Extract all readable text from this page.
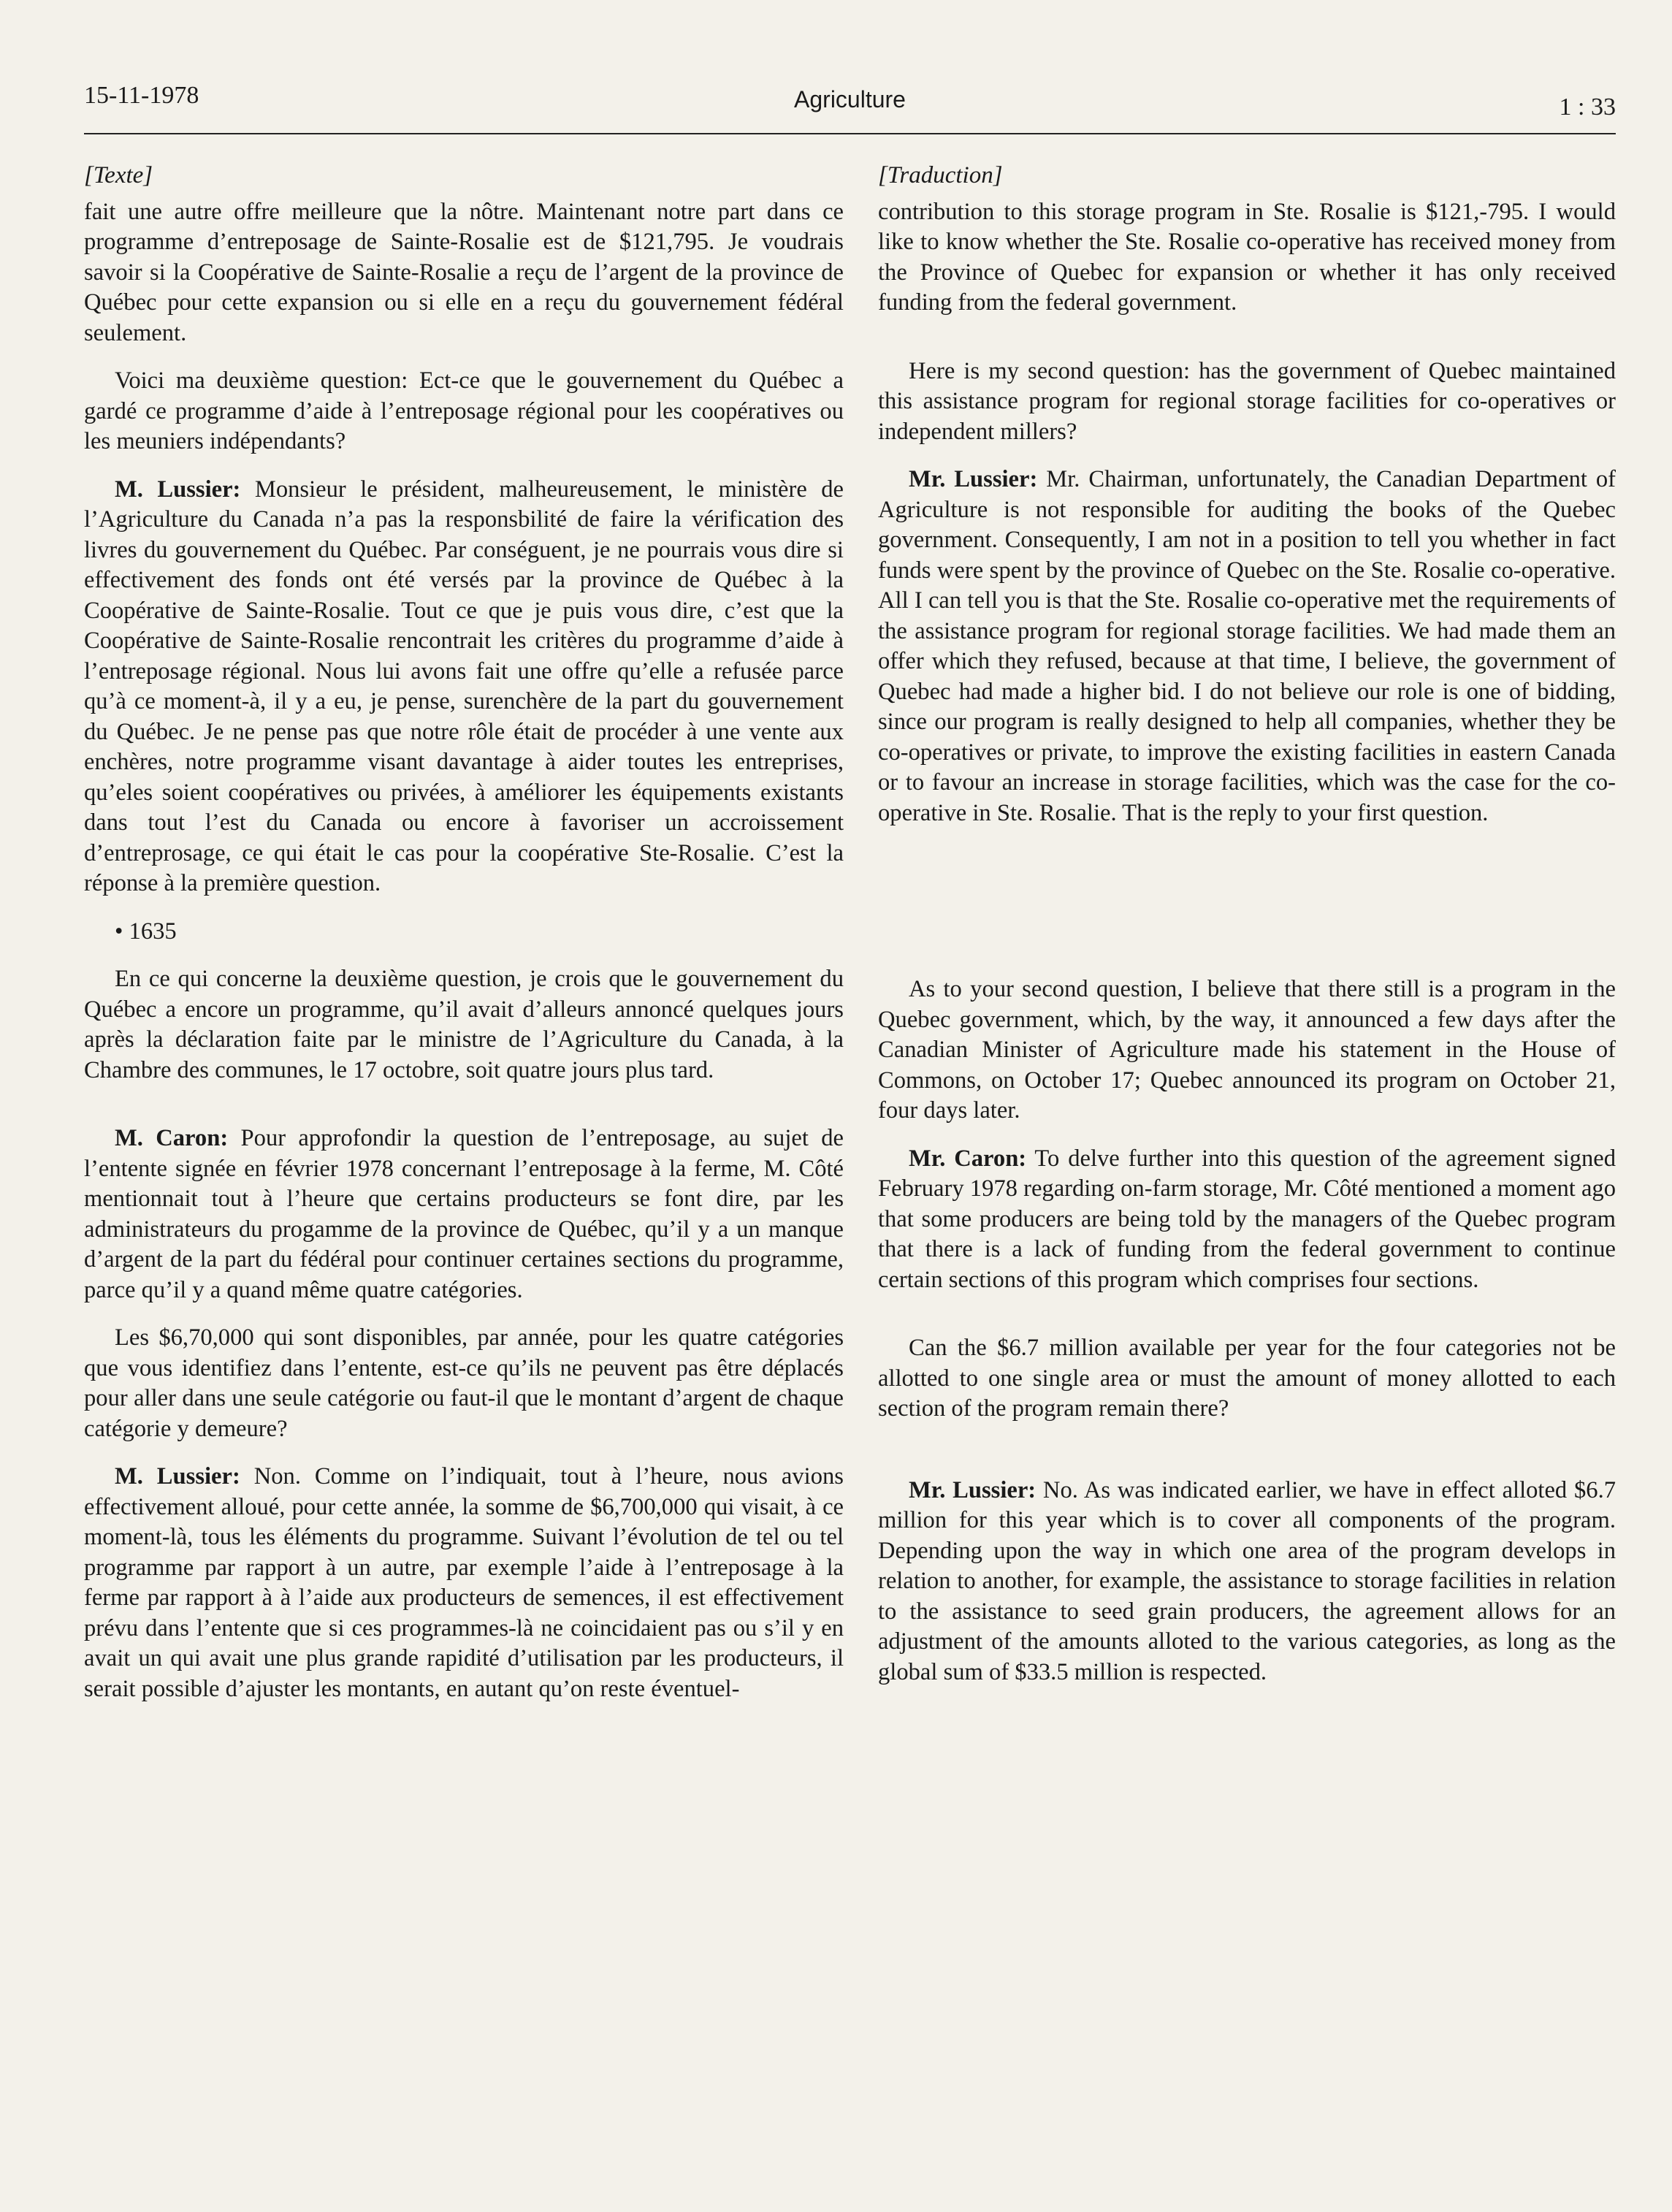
15-11-1978	Agriculture	1 : 33

[Texte]

fait une autre offre meilleure que la nôtre. Maintenant notre part dans ce programme d’entreposage de Sainte-Rosalie est de $121,795. Je voudrais savoir si la Coopérative de Sainte-Rosalie a reçu de l’argent de la province de Québec pour cette expansion ou si elle en a reçu du gouvernement fédéral seulement.

Voici ma deuxième question: Ect-ce que le gouvernement du Québec a gardé ce programme d’aide à l’entreposage régional pour les coopératives ou les meuniers indépendants?

M. Lussier: Monsieur le président, malheureusement, le ministère de l’Agriculture du Canada n’a pas la responsbilité de faire la vérification des livres du gouvernement du Québec. Par conséguent, je ne pourrais vous dire si effectivement des fonds ont été versés par la province de Québec à la Coopérative de Sainte-Rosalie. Tout ce que je puis vous dire, c’est que la Coopérative de Sainte-Rosalie rencontrait les critères du programme d’aide à l’entreposage régional. Nous lui avons fait une offre qu’elle a refusée parce qu’à ce moment-à, il y a eu, je pense, surenchère de la part du gouvernement du Québec. Je ne pense pas que notre rôle était de procéder à une vente aux enchères, notre programme visant davantage à aider toutes les entreprises, qu’eles soient coopératives ou privées, à améliorer les équipements existants dans tout l’est du Canada ou encore à favoriser un accroissement d’entreprosage, ce qui était le cas pour la coopérative Ste-Rosalie. C’est la réponse à la première question.

• 1635

En ce qui concerne la deuxième question, je crois que le gouvernement du Québec a encore un programme, qu’il avait d’alleurs annoncé quelques jours après la déclaration faite par le ministre de l’Agriculture du Canada, à la Chambre des communes, le 17 octobre, soit quatre jours plus tard.

M. Caron: Pour approfondir la question de l’entreposage, au sujet de l’entente signée en février 1978 concernant l’entreposage à la ferme, M. Côté mentionnait tout à l’heure que certains producteurs se font dire, par les administrateurs du progamme de la province de Québec, qu’il y a un manque d’argent de la part du fédéral pour continuer certaines sections du programme, parce qu’il y a quand même quatre catégories.

Les $6,70,000 qui sont disponibles, par année, pour les quatre catégories que vous identifiez dans l’entente, est-ce qu’ils ne peuvent pas être déplacés pour aller dans une seule catégorie ou faut-il que le montant d’argent de chaque catégorie y demeure?

M. Lussier: Non. Comme on l’indiquait, tout à l’heure, nous avions effectivement alloué, pour cette année, la somme de $6,700,000 qui visait, à ce moment-là, tous les éléments du programme. Suivant l’évolution de tel ou tel programme par rapport à un autre, par exemple l’aide à l’entreposage à la ferme par rapport à à l’aide aux producteurs de semences, il est effectivement prévu dans l’entente que si ces programmes-là ne coincidaient pas ou s’il y en avait un qui avait une plus grande rapidité d’utilisation par les producteurs, il serait possible d’ajuster les montants, en autant qu’on reste éventuel-

[Traduction]

contribution to this storage program in Ste. Rosalie is $121,-795. I would like to know whether the Ste. Rosalie co-operative has received money from the Province of Quebec for expansion or whether it has only received funding from the federal government.

Here is my second question: has the government of Quebec maintained this assistance program for regional storage facilities for co-operatives or independent millers?

Mr. Lussier: Mr. Chairman, unfortunately, the Canadian Department of Agriculture is not responsible for auditing the books of the Quebec government. Consequently, I am not in a position to tell you whether in fact funds were spent by the province of Quebec on the Ste. Rosalie co-operative. All I can tell you is that the Ste. Rosalie co-operative met the requirements of the assistance program for regional storage facilities. We had made them an offer which they refused, because at that time, I believe, the government of Quebec had made a higher bid. I do not believe our role is one of bidding, since our program is really designed to help all companies, whether they be co-operatives or private, to improve the existing facilities in eastern Canada or to favour an increase in storage facilities, which was the case for the co-operative in Ste. Rosalie. That is the reply to your first question.

As to your second question, I believe that there still is a program in the Quebec government, which, by the way, it announced a few days after the Canadian Minister of Agriculture made his statement in the House of Commons, on October 17; Quebec announced its program on October 21, four days later.

Mr. Caron: To delve further into this question of the agreement signed February 1978 regarding on-farm storage, Mr. Côté mentioned a moment ago that some producers are being told by the managers of the Quebec program that there is a lack of funding from the federal government to continue certain sections of this program which comprises four sections.

Can the $6.7 million available per year for the four categories not be allotted to one single area or must the amount of money allotted to each section of the program remain there?

Mr. Lussier: No. As was indicated earlier, we have in effect alloted $6.7 million for this year which is to cover all components of the program. Depending upon the way in which one area of the program develops in relation to another, for example, the assistance to storage facilities in relation to the assistance to seed grain producers, the agreement allows for an adjustment of the amounts alloted to the various categories, as long as the global sum of $33.5 million is respected.
